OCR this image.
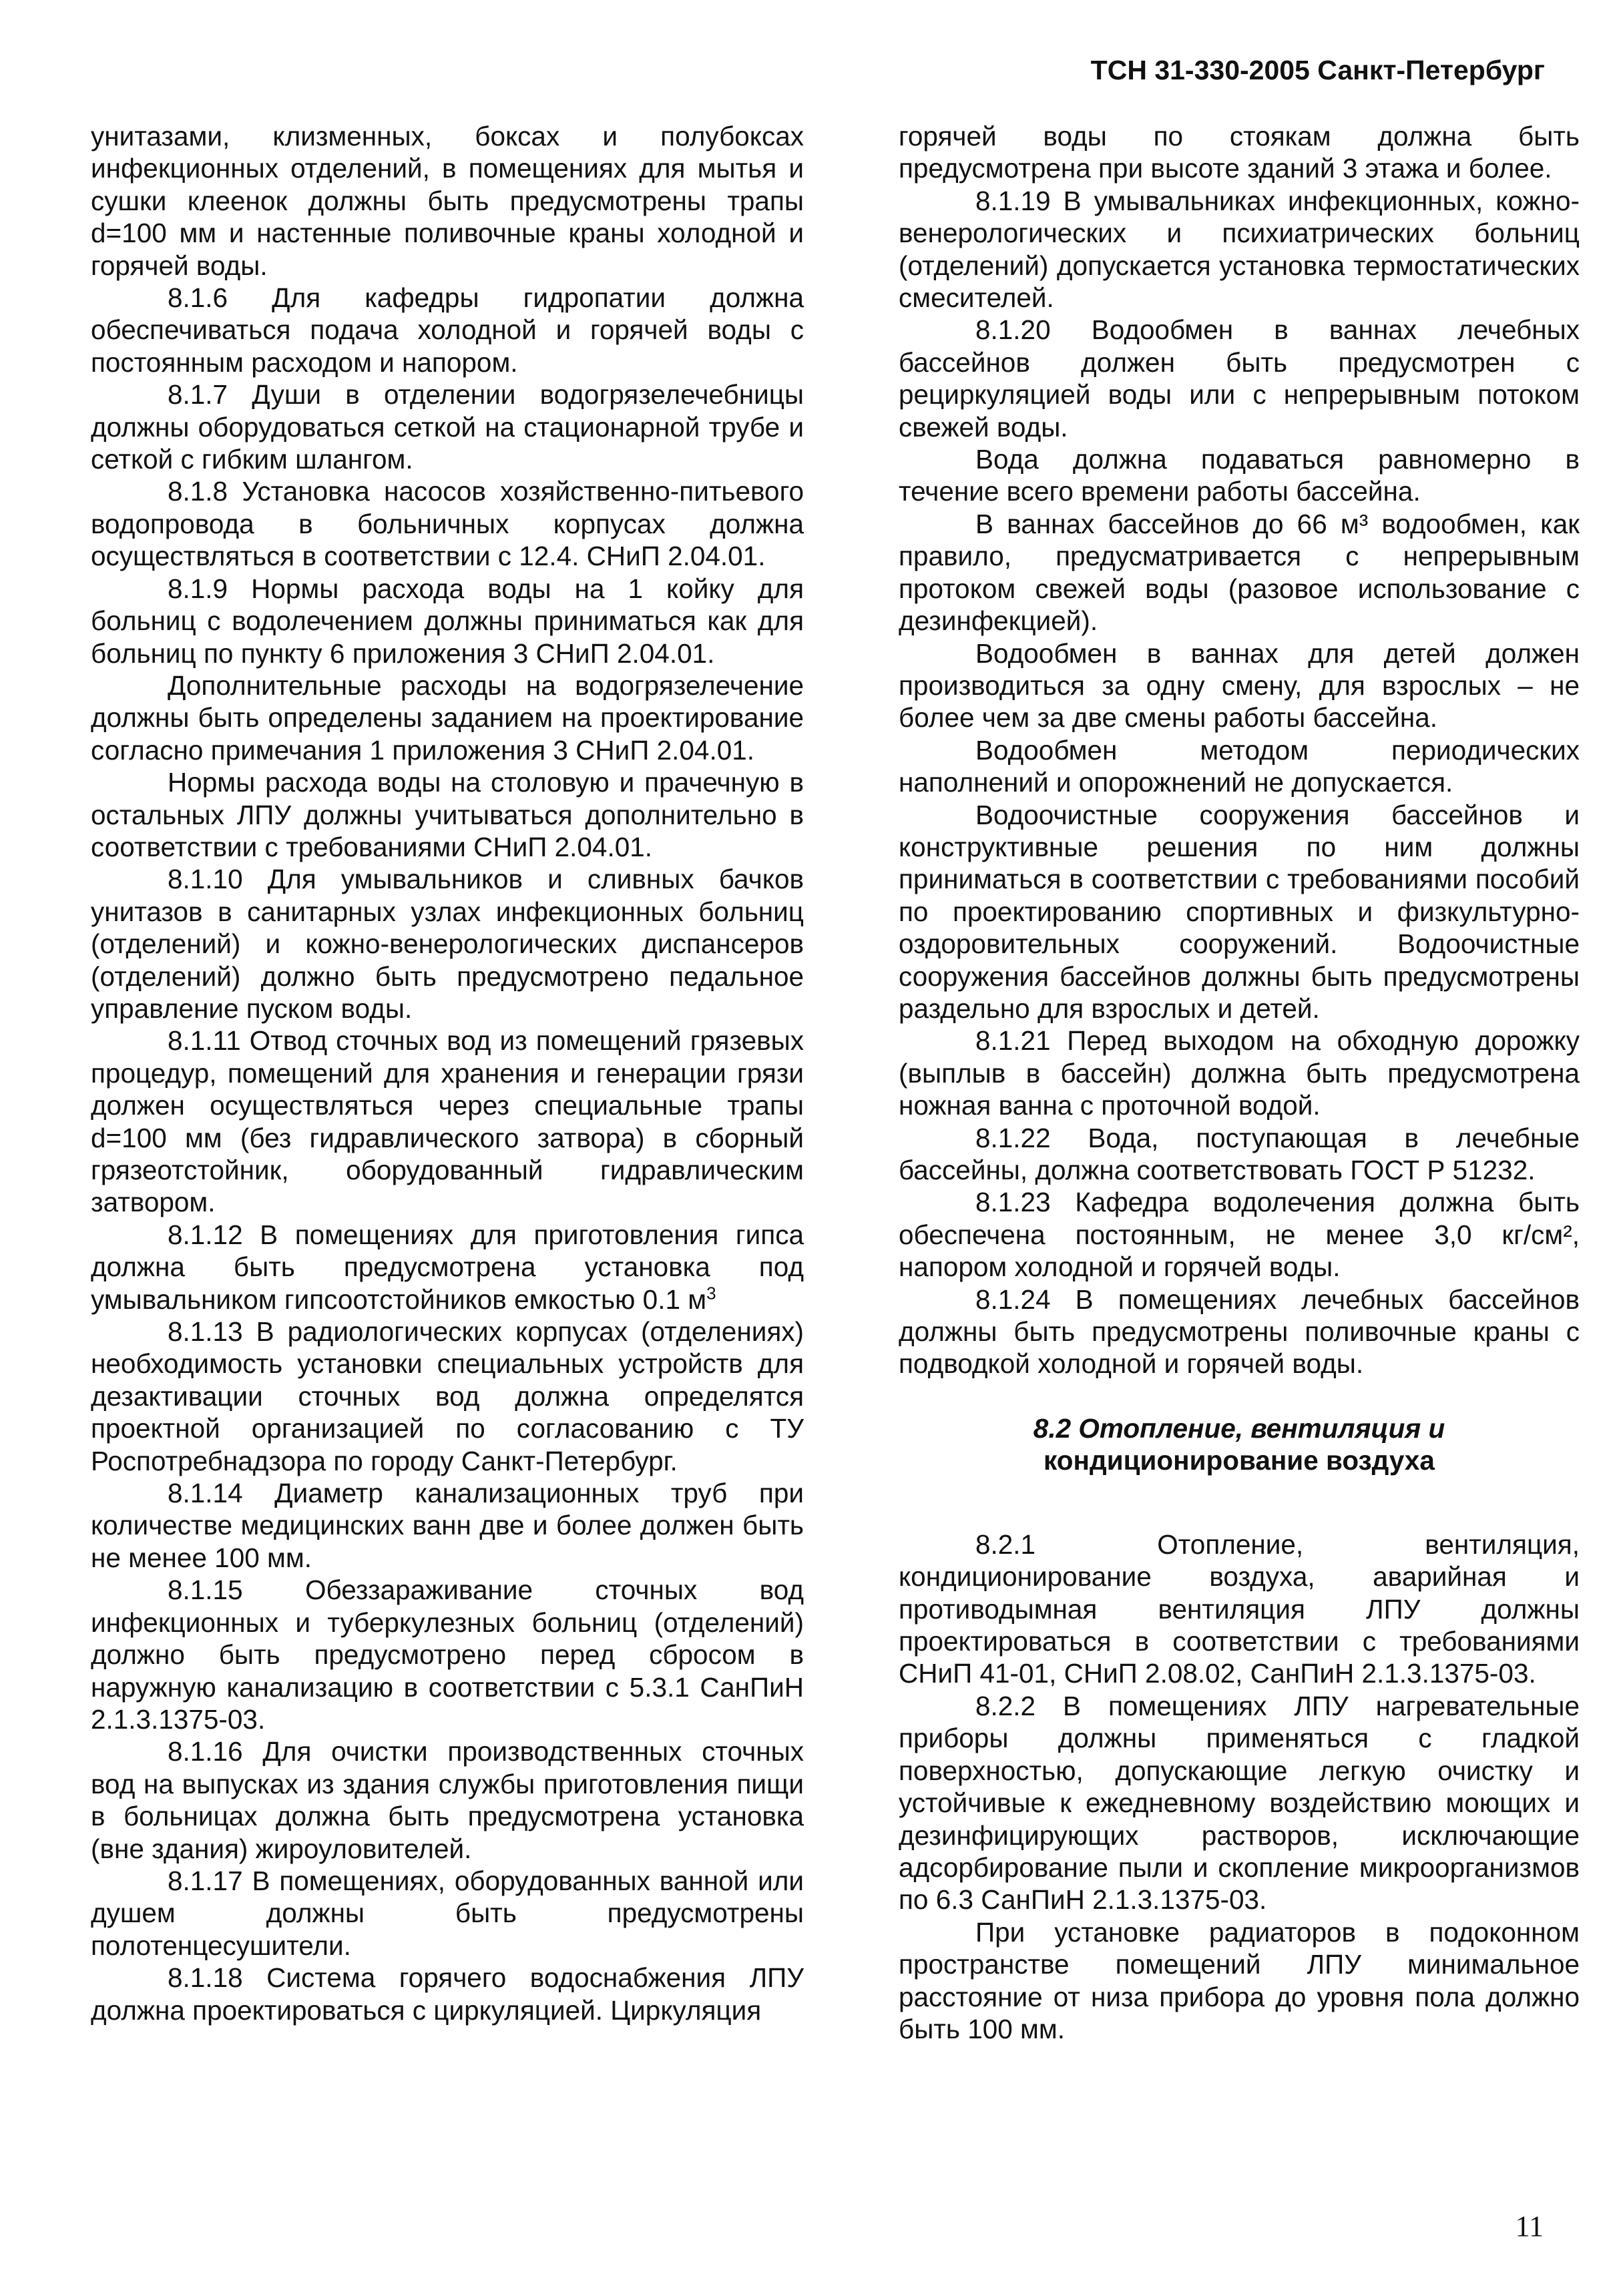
ТСН 31-330-2005 Санкт-Петербург

унитазами, клизменных, боксах и полубоксах инфекционных отделений, в помещениях для мытья и сушки клеенок должны быть предусмотрены трапы d=100 мм и настенные поливочные краны холодной и горячей воды.

8.1.6 Для кафедры гидропатии должна обеспечиваться подача холодной и горячей воды с постоянным расходом и напором.

8.1.7 Души в отделении водогрязелечебницы должны оборудоваться сеткой на стационарной трубе и сеткой с гибким шлангом.

8.1.8 Установка насосов хозяйственно-питьевого водопровода в больничных корпусах должна осуществляться в соответствии с 12.4. СНиП 2.04.01.

8.1.9 Нормы расхода воды на 1 койку для больниц с водолечением должны приниматься как для больниц по пункту 6 приложения 3 СНиП 2.04.01.

Дополнительные расходы на водогрязелечение должны быть определены заданием на проектирование согласно примечания 1 приложения 3 СНиП 2.04.01.

Нормы расхода воды на столовую и прачечную в остальных ЛПУ должны учитываться дополнительно в соответствии с требованиями СНиП 2.04.01.

8.1.10 Для умывальников и сливных бачков унитазов в санитарных узлах инфекционных больниц (отделений) и кожно-венерологических диспансеров (отделений) должно быть предусмотрено педальное управление пуском воды.

8.1.11 Отвод сточных вод из помещений грязевых процедур, помещений для хранения и генерации грязи должен осуществляться через специальные трапы d=100 мм (без гидравлического затвора) в сборный грязеотстойник, оборудованный гидравлическим затвором.

8.1.12 В помещениях для приготовления гипса должна быть предусмотрена установка под умывальником гипсоотстойников емкостью 0.1 $м^3$

8.1.13 В радиологических корпусах (отделениях) необходимость установки специальных устройств для дезактивации сточных вод должна определятся проектной организацией по согласованию с ТУ Роспотребнадзора по городу Санкт-Петербург.

8.1.14 Диаметр канализационных труб при количестве медицинских ванн две и более должен быть не менее 100 мм.

8.1.15 Обеззараживание сточных вод инфекционных и туберкулезных больниц (отделений) должно быть предусмотрено перед сбросом в наружную канализацию в соответствии с 5.3.1 СанПиН 2.1.3.1375-03.

8.1.16 Для очистки производственных сточных вод на выпусках из здания службы приготовления пищи в больницах должна быть предусмотрена установка (вне здания) жироуловителей.

8.1.17 В помещениях, оборудованных ванной или душем должны быть предусмотрены полотенцесушители.

8.1.18 Система горячего водоснабжения ЛПУ должна проектироваться с циркуляцией. Циркуляция

горячей воды по стоякам должна быть предусмотрена при высоте зданий 3 этажа и более.

8.1.19 В умывальниках инфекционных, кожно-венерологических и психиатрических больниц (отделений) допускается установка термостатических смесителей.

8.1.20 Водообмен в ваннах лечебных бассейнов должен быть предусмотрен с рециркуляцией воды или с непрерывным потоком свежей воды.

Вода должна подаваться равномерно в течение всего времени работы бассейна.

В ваннах бассейнов до 66 м³ водообмен, как правило, предусматривается с непрерывным протоком свежей воды (разовое использование с дезинфекцией).

Водообмен в ваннах для детей должен производиться за одну смену, для взрослых – не более чем за две смены работы бассейна.

Водообмен методом периодических наполнений и опорожнений не допускается.

Водоочистные сооружения бассейнов и конструктивные решения по ним должны приниматься в соответствии с требованиями пособий по проектированию спортивных и физкультурно-оздоровительных сооружений. Водоочистные сооружения бассейнов должны быть предусмотрены раздельно для взрослых и детей.

8.1.21 Перед выходом на обходную дорожку (выплыв в бассейн) должна быть предусмотрена ножная ванна с проточной водой.

8.1.22 Вода, поступающая в лечебные бассейны, должна соответствовать ГОСТ Р 51232.

8.1.23 Кафедра водолечения должна быть обеспечена постоянным, не менее 3,0 кг/см², напором холодной и горячей воды.

8.1.24 В помещениях лечебных бассейнов должны быть предусмотрены поливочные краны с подводкой холодной и горячей воды.

8.2 Отопление, вентиляция и
кондиционирование воздуха

8.2.1 Отопление, вентиляция, кондиционирование воздуха, аварийная и противодымная вентиляция ЛПУ должны проектироваться в соответствии с требованиями СНиП 41-01, СНиП 2.08.02, СанПиН 2.1.3.1375-03.

8.2.2 В помещениях ЛПУ нагревательные приборы должны применяться с гладкой поверхностью, допускающие легкую очистку и устойчивые к ежедневному воздействию моющих и дезинфицирующих растворов, исключающие адсорбирование пыли и скопление микроорганизмов по 6.3 СанПиН 2.1.3.1375-03.

При установке радиаторов в подоконном пространстве помещений ЛПУ минимальное расстояние от низа прибора до уровня пола должно быть 100 мм.

11
